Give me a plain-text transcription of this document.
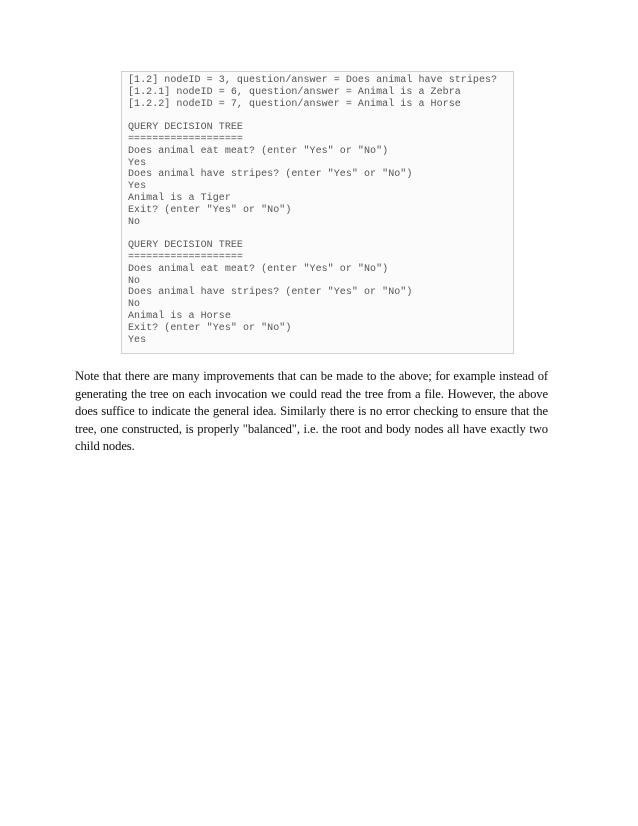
[1.2] nodeID = 3, question/answer = Does animal have stripes?
[1.2.1] nodeID = 6, question/answer = Animal is a Zebra
[1.2.2] nodeID = 7, question/answer = Animal is a Horse
QUERY DECISION TREE
===================
Does animal eat meat? (enter "Yes" or "No")
Yes
Does animal have stripes? (enter "Yes" or "No")
Yes
Animal is a Tiger
Exit? (enter "Yes" or "No")
No
QUERY DECISION TREE
===================
Does animal eat meat? (enter "Yes" or "No")
No
Does animal have stripes? (enter "Yes" or "No")
No
Animal is a Horse
Exit? (enter "Yes" or "No")
Yes

Note that there are many improvements that can be made to the above; for example instead of generating the tree on each invocation we could read the tree from a file. However, the above does suffice to indicate the general idea. Similarly there is no error checking to ensure that the tree, one constructed, is properly "balanced", i.e. the root and body nodes all have exactly two child nodes.
